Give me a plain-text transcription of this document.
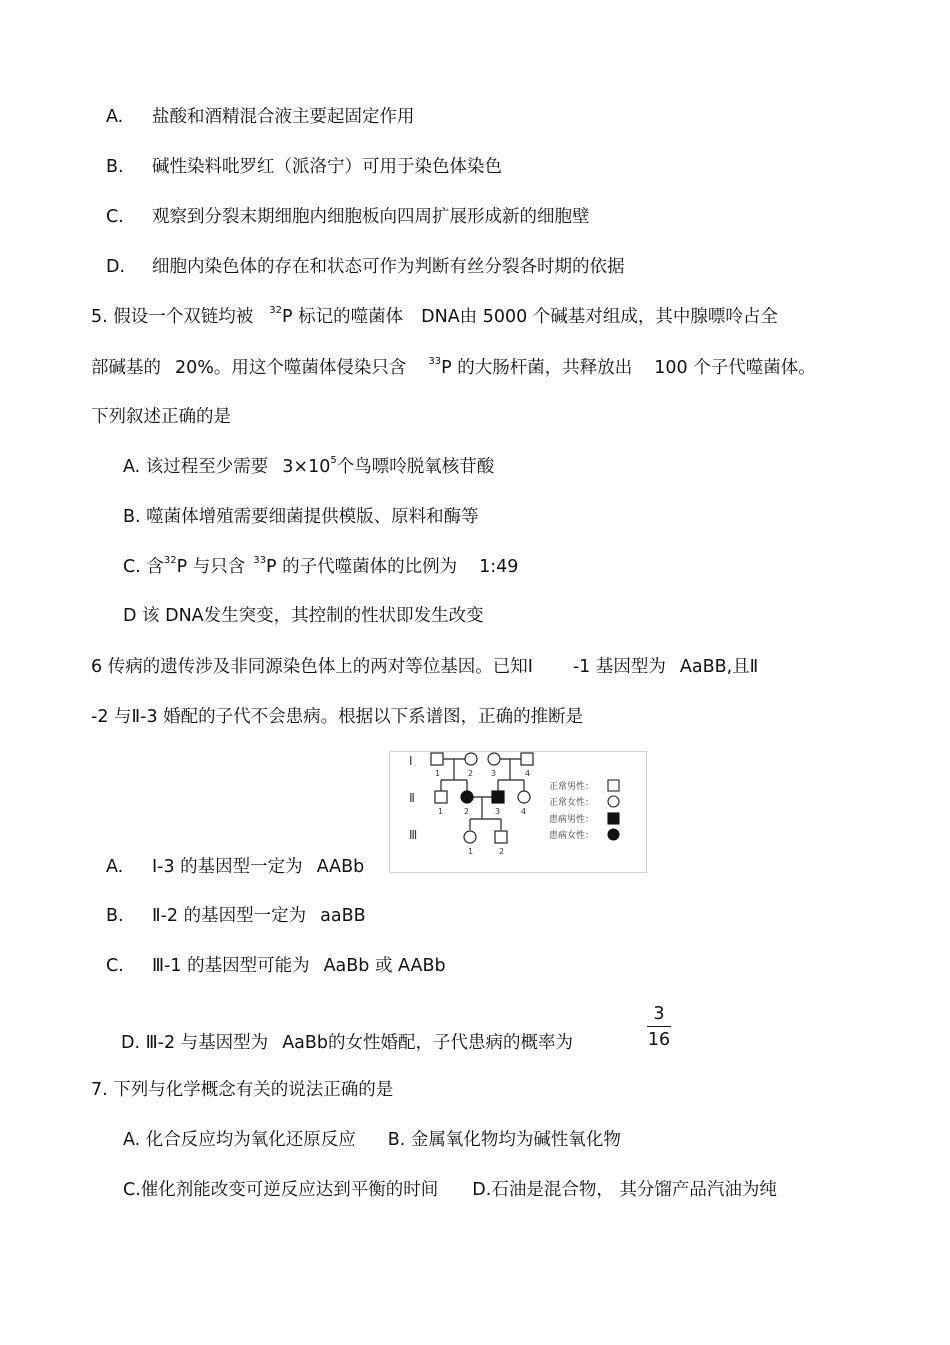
A. 盐酸和酒精混合液主要起固定作用
B. 碱性染料吡罗红（派洛宁）可用于染色体染色
C. 观察到分裂末期细胞内细胞板向四周扩展形成新的细胞壁
D. 细胞内染色体的存在和状态可作为判断有丝分裂各时期的依据
5. 假设一个双链均被 $^{32}$P 标记的噬菌体 DNA由 5000 个碱基对组成，其中腺嘌呤占全
部碱基的 20%。用这个噬菌体侵染只含 $^{33}$P 的大肠杆菌，共释放出 100 个子代噬菌体。
下列叙述正确的是
A. 该过程至少需要 $3\times 10^5$个鸟嘌呤脱氧核苷酸
B. 噬菌体增殖需要细菌提供模版、原料和酶等
C. 含$^{32}$P 与只含 $^{33}$P 的子代噬菌体的比例为 1:49
D 该 DNA发生突变，其控制的性状即发生改变
6 传病的遗传涉及非同源染色体上的两对等位基因。已知Ⅰ -1 基因型为 AaBB,且Ⅱ
-2 与Ⅱ-3 婚配的子代不会患病。根据以下系谱图，正确的推断是
Ⅰ
Ⅱ
Ⅲ
1	2 3	4
1	2	3	4
1	2
正常男性：
正常女性：
患病男性：
患病女性：
A. Ⅰ-3 的基因型一定为 AABb
B. Ⅱ-2 的基因型一定为 aaBB
C. Ⅲ-1 的基因型可能为 AaBb 或 AABb
D. Ⅲ-2 与基因型为 AaBb的女性婚配，子代患病的概率为
3
16
7. 下列与化学概念有关的说法正确的是
A. 化合反应均为氧化还原反应 B. 金属氧化物均为碱性氧化物
C.催化剂能改变可逆反应达到平衡的时间 D.石油是混合物， 其分馏产品汽油为纯
